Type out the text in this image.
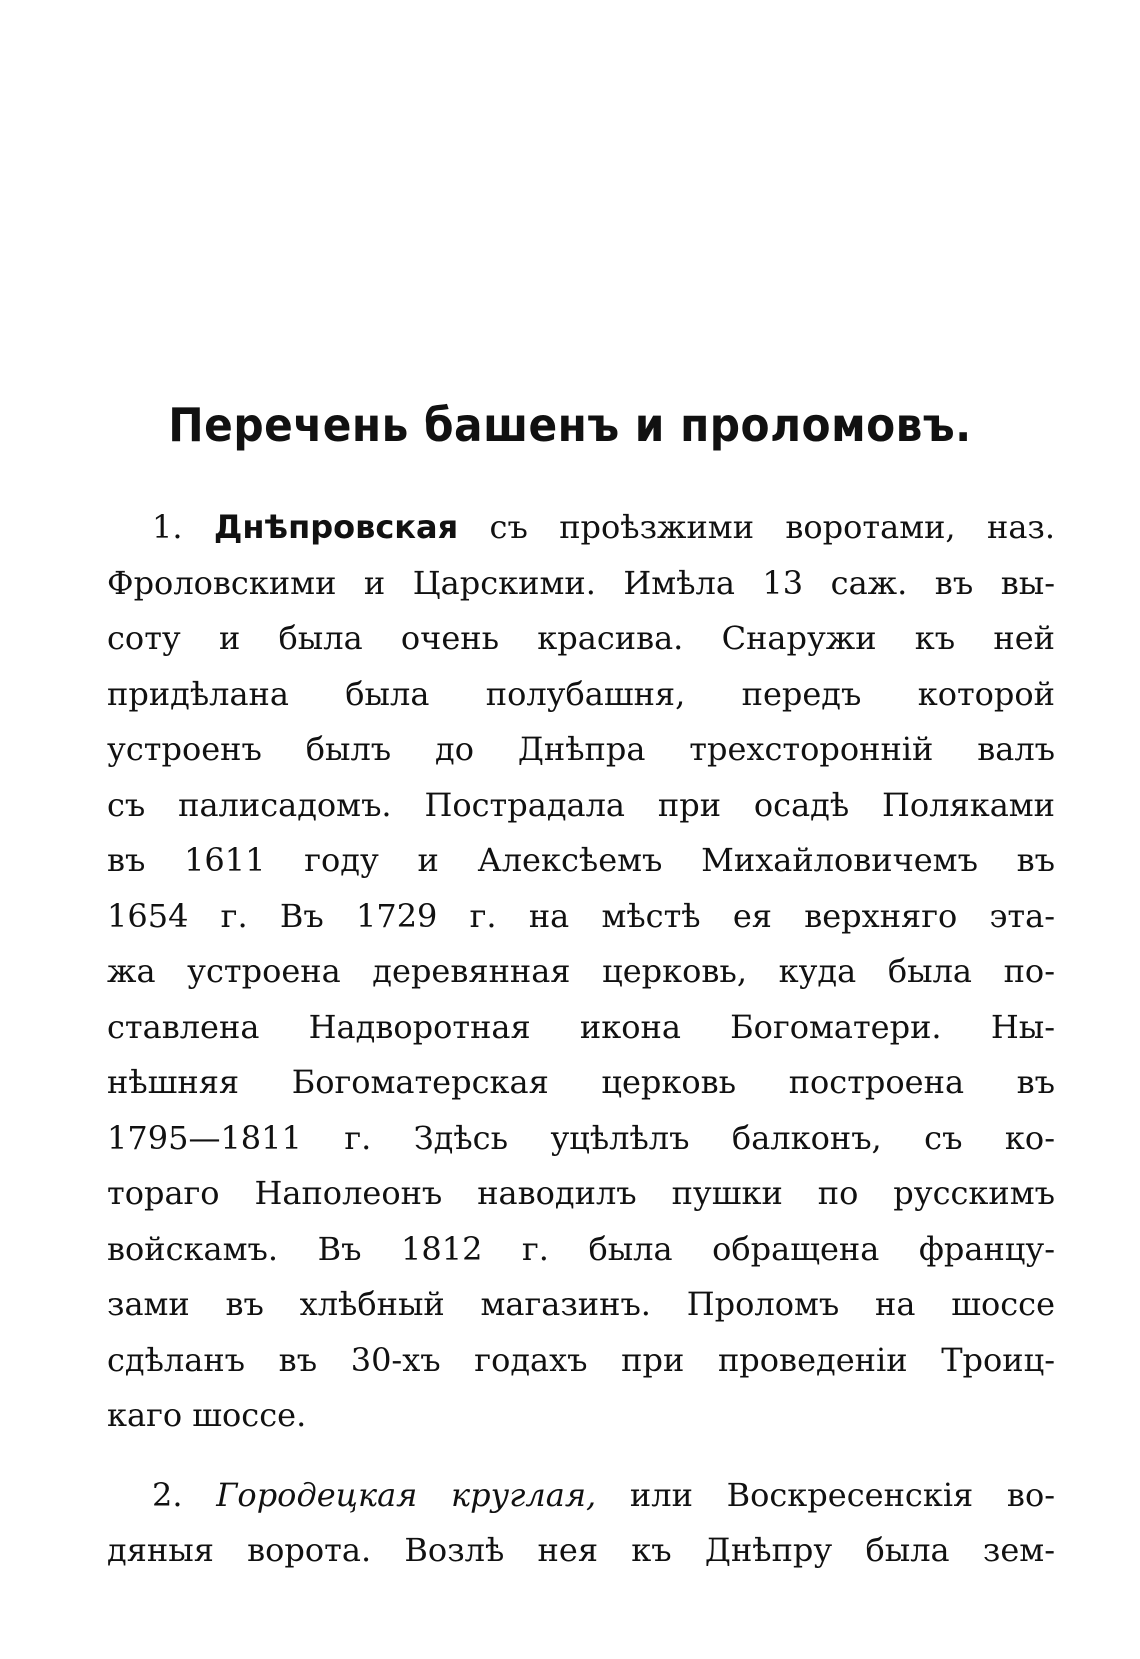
Перечень башенъ и проломовъ.
1. Днѣпровская съ проѣзжими воротами, наз.
Фроловскими и Царскими. Имѣла 13 саж. въ вы-
соту и была очень красива. Снаружи къ ней
придѣлана была полубашня, передъ которой
устроенъ былъ до Днѣпра трехсторонній валъ
съ палисадомъ. Пострадала при осадѣ Поляками
въ 1611 году и Алексѣемъ Михайловичемъ въ
1654 г. Въ 1729 г. на мѣстѣ ея верхняго эта-
жа устроена деревянная церковь, куда была по-
ставлена Надворотная икона Богоматери. Ны-
нѣшняя Богоматерская церковь построена въ
1795—1811 г. Здѣсь уцѣлѣлъ балконъ, съ ко-
тораго Наполеонъ наводилъ пушки по русскимъ
войскамъ. Въ 1812 г. была обращена францу-
зами въ хлѣбный магазинъ. Проломъ на шоссе
сдѣланъ въ 30-хъ годахъ при проведеніи Троиц-
каго шоссе.
2. Городецкая круглая, или Воскресенскія во-
дяныя ворота. Возлѣ нея къ Днѣпру была зем-
